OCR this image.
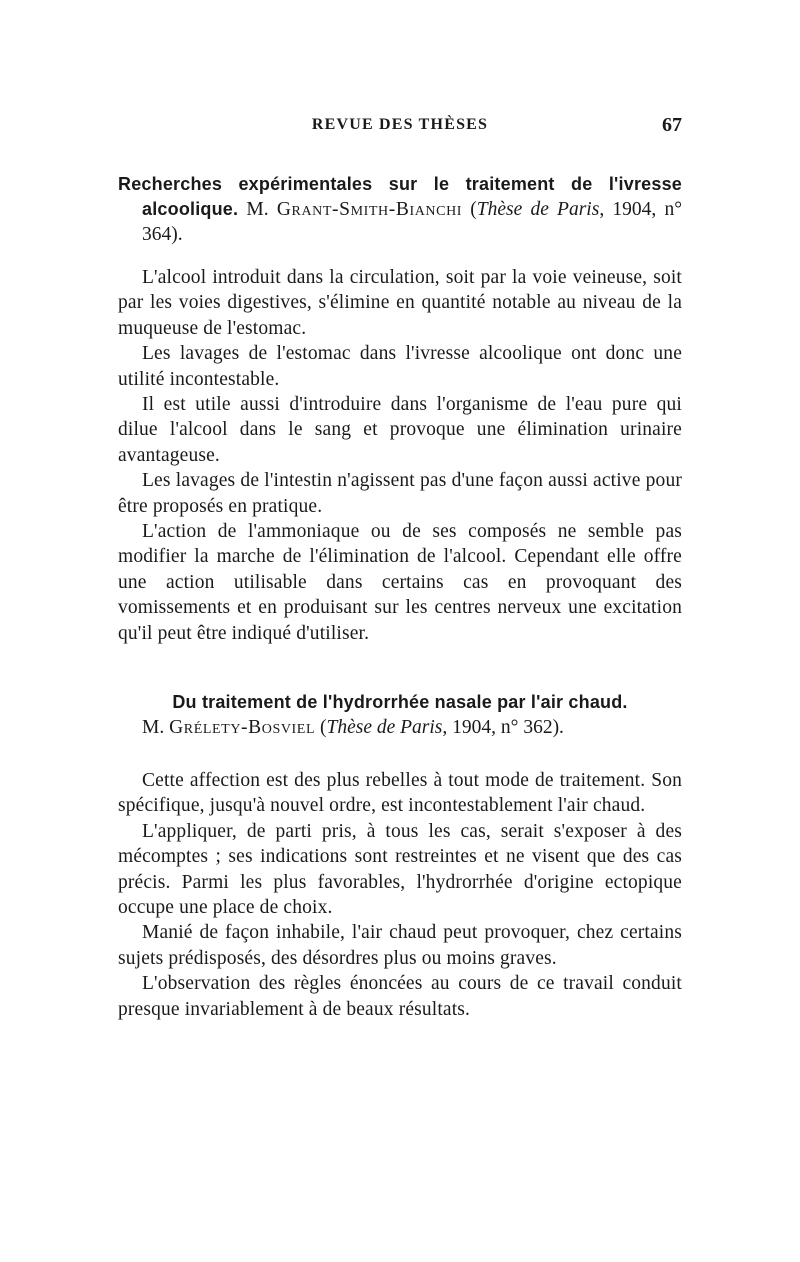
REVUE DES THÈSES	67
Recherches expérimentales sur le traitement de l'ivresse alcoolique. M. Grant-Smith-Bianchi (Thèse de Paris, 1904, n° 364).

L'alcool introduit dans la circulation, soit par la voie veineuse, soit par les voies digestives, s'élimine en quantité notable au niveau de la muqueuse de l'estomac.

Les lavages de l'estomac dans l'ivresse alcoolique ont donc une utilité incontestable.

Il est utile aussi d'introduire dans l'organisme de l'eau pure qui dilue l'alcool dans le sang et provoque une élimination urinaire avantageuse.

Les lavages de l'intestin n'agissent pas d'une façon aussi active pour être proposés en pratique.

L'action de l'ammoniaque ou de ses composés ne semble pas modifier la marche de l'élimination de l'alcool. Cependant elle offre une action utilisable dans certains cas en provoquant des vomissements et en produisant sur les centres nerveux une excitation qu'il peut être indiqué d'utiliser.

Du traitement de l'hydrorrhée nasale par l'air chaud.
M. Grélety-Bosviel (Thèse de Paris, 1904, n° 362).

Cette affection est des plus rebelles à tout mode de traitement. Son spécifique, jusqu'à nouvel ordre, est incontestablement l'air chaud.

L'appliquer, de parti pris, à tous les cas, serait s'exposer à des mécomptes ; ses indications sont restreintes et ne visent que des cas précis. Parmi les plus favorables, l'hydrorrhée d'origine ectopique occupe une place de choix.

Manié de façon inhabile, l'air chaud peut provoquer, chez certains sujets prédisposés, des désordres plus ou moins graves.

L'observation des règles énoncées au cours de ce travail conduit presque invariablement à de beaux résultats.
